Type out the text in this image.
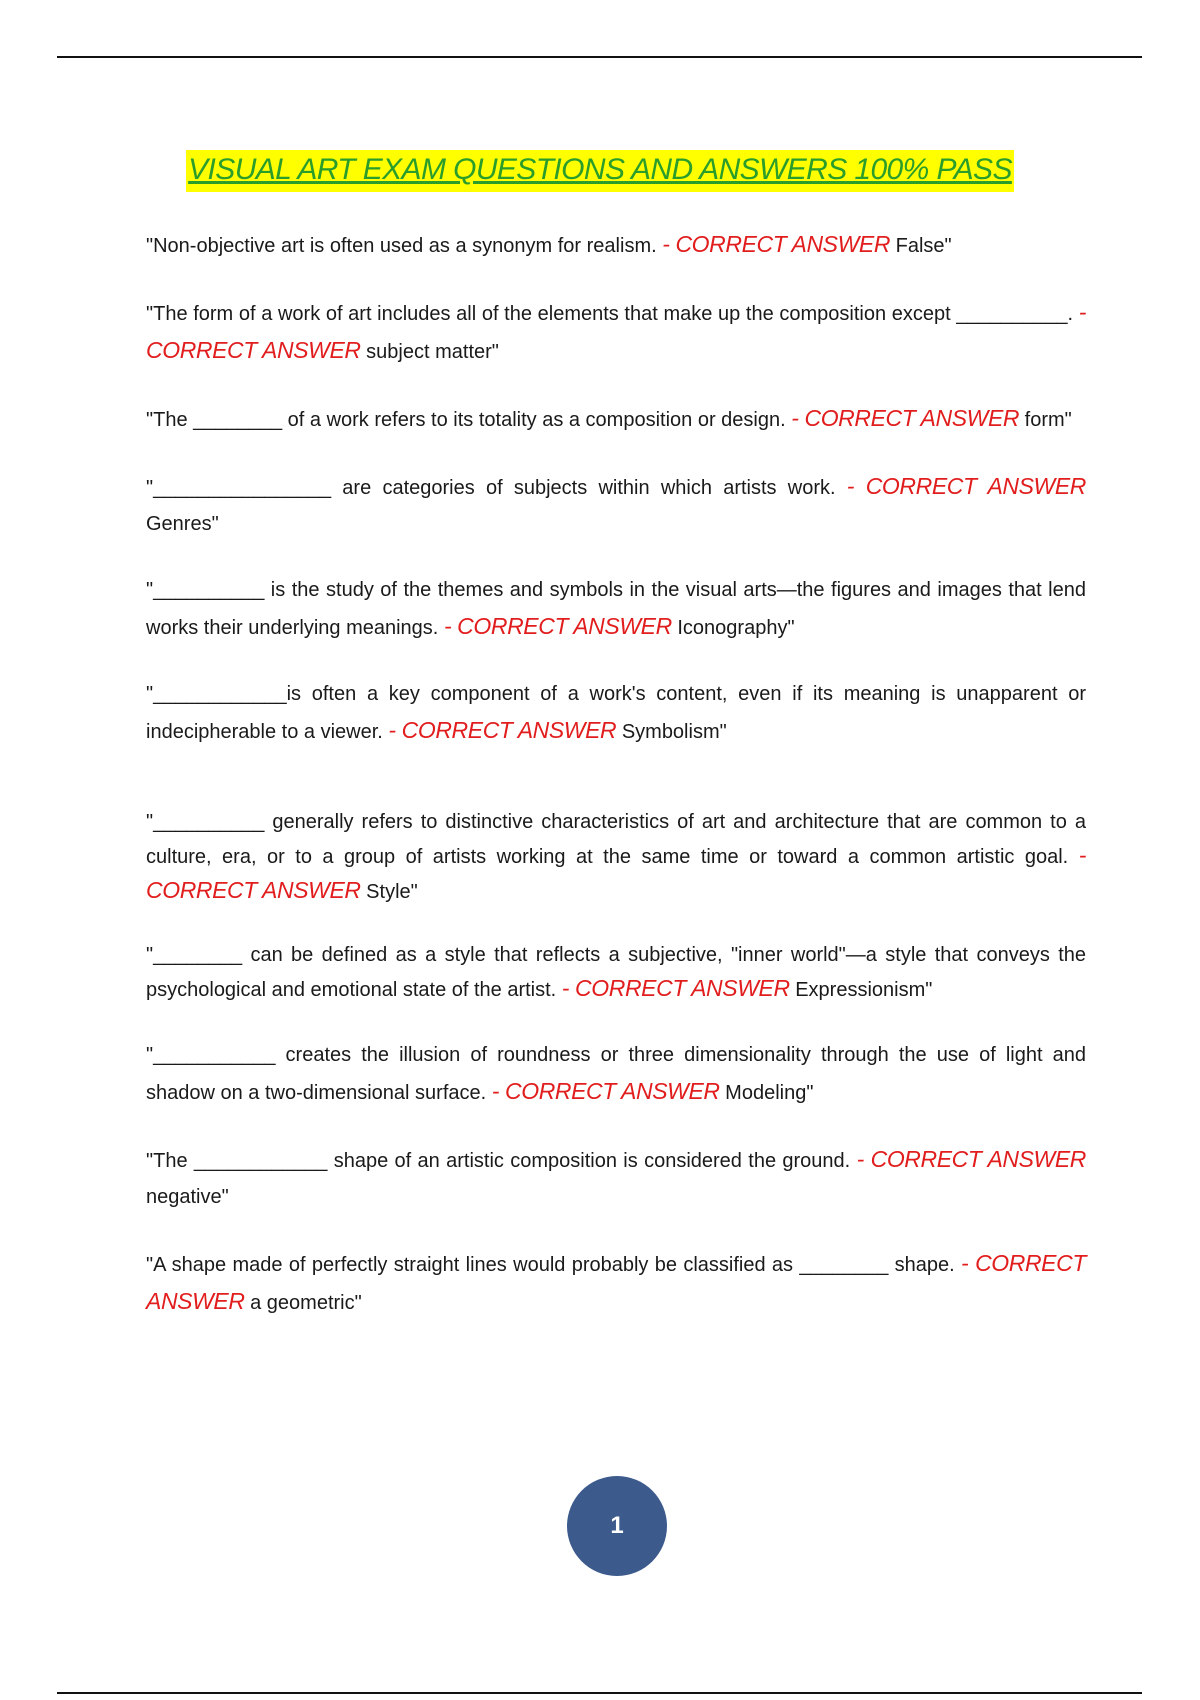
VISUAL ART EXAM QUESTIONS AND ANSWERS 100% PASS

"Non-objective art is often used as a synonym for realism. - CORRECT ANSWER False"

"The form of a work of art includes all of the elements that make up the composition except __________. - CORRECT ANSWER subject matter"

"The ________ of a work refers to its totality as a composition or design. - CORRECT ANSWER form"

"________________ are categories of subjects within which artists work. - CORRECT ANSWER Genres"

"__________ is the study of the themes and symbols in the visual arts—the figures and images that lend works their underlying meanings. - CORRECT ANSWER Iconography"

"____________is often a key component of a work's content, even if its meaning is unapparent or indecipherable to a viewer. - CORRECT ANSWER Symbolism"

"__________ generally refers to distinctive characteristics of art and architecture that are common to a culture, era, or to a group of artists working at the same time or toward a common artistic goal. - CORRECT ANSWER Style"

"________ can be defined as a style that reflects a subjective, "inner world"—a style that conveys the psychological and emotional state of the artist. - CORRECT ANSWER Expressionism"

"___________ creates the illusion of roundness or three dimensionality through the use of light and shadow on a two-dimensional surface. - CORRECT ANSWER Modeling"

"The ____________ shape of an artistic composition is considered the ground. - CORRECT ANSWER negative"

"A shape made of perfectly straight lines would probably be classified as ________ shape. - CORRECT ANSWER a geometric"

1
